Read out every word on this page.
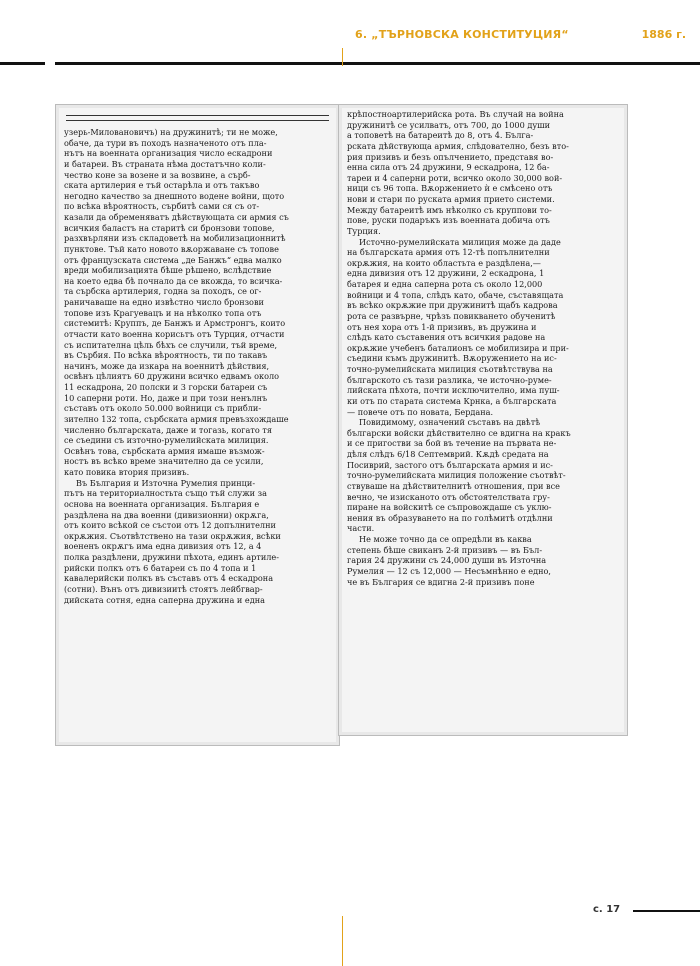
6. „ТЪРНОВСКА КОНСТИТУЦИЯ“	1886 г.

узерь-Миловановичъ) на дружинитѣ; ти не може,
обаче, да тури въ походъ назначеното отъ пла-
нътъ на военната организация число ескадрони
и батареи. Въ страната нѣма достатъчно коли-
чество коне за возене и за возвине, а сърб-
ската артилерия е тъй остарѣла и отъ такъво
негодно качество за днешното водене войни, щото
по всѣка вѣроятность, сърбитѣ сами ся съ от-
казали да обременяватъ дѣйствующата си армия съ
всичкия баластъ на старитѣ си бронзови топове,
разхвърляни изъ складоветѣ на мобилизационнитѣ
пунктове. Тъй като новото вѫоржаване съ топове
отъ французската система „де Банжъ“ едва малко
вреди мобилизацията бѣше рѣшено, вслѣдствие
на което едва бѣ почнало да се вкожда, то всичка-
та сърбска артилерия, годна за походъ, се ог-
раничаваше на едно извѣстно число бронзови
топове изъ Крагуевацъ и на нѣколко топа отъ
системитѣ: Круппъ, де Банжъ и Армстронгъ, които
отчасти като военна корисьтъ отъ Турция, отчасти
съ испитателна цѣль бѣхъ се случили, тъй време,
въ Сърбия. По всѣка вѣроятность, ти по такавъ
начинъ, може да изкара на военнитѣ дѣйствия,
освѣнъ цѣлиятъ 60 дружини всичко едвамъ около
11 ескадрона, 20 полски и 3 горски батареи съ
10 саперни роти. Но, даже и при този ненълнъ
съставъ отъ около 50.000 войници съ прибли-
зително 132 топа, сърбската армия превъзхождаше
численно българската, даже и тогазь, когато тя
се съедини съ източно-румелийската милиция.
Освѣнъ това, сърбската армия имаше възмож-
ностъ въ всѣко време значително да се усили,
като повика втория призивъ.

Въ България и Източна Румелия принци-
пътъ на териториалностьта също тъй служи за
основа на военната организация. България е
раздѣлена на два военни (дивизионни) окрѫга,
отъ които всѣкой се състои отъ 12 допълнителни
окрѫжия. Съотвѣтствено на тази окрѫжия, всѣки
воененъ окрѫгъ има една дивизия отъ 12, а 4
полка раздѣлени, дружини пѣхота, единъ артиле-
рийски полкъ отъ 6 батареи съ по 4 топа и 1
кавалерийски полкъ въ съставъ отъ 4 ескадрона
(сотни). Вънъ отъ дивизиитѣ стоятъ лейбгвар-
дийската сотня, една саперна дружина и една

крѣпостноартилерийска рота. Въ случай на война
дружинитѣ се усилватъ, отъ 700, до 1000 души
а топоветѣ на батареитѣ до 8, отъ 4. Бълга-
рската дѣйствующа армия, слѣдователно, безъ вто-
рия призивъ и безъ опълчението, представя во-
енна сила отъ 24 дружини, 9 ескадрона, 12 ба-
тареи и 4 саперни роти, всичко около 30,000 вой-
ници съ 96 топа. Вѫоржението ѝ е смѣсено отъ
нови и стари по руската армия прието системи.
Между батареитѣ имъ нѣколко съ круппови то-
пове, руски подаръкъ изъ военната добича отъ
Турция.

Источно-румелийската милиция може да даде
на българската армия отъ 12-тѣ попълнителни
окрѫжия, на които областьта е раздѣлена,—
една дивизия отъ 12 дружини, 2 ескадрона, 1
батарея и една саперна рота съ около 12,000
войници и 4 топа, слѣдъ като, обаче, съставящата
въ всѣко окрѫжие при дружинитѣ щабъ кадрова
рота се развърне, чрѣзъ повикването обученитѣ
отъ нея хора отъ 1-й призивъ, въ дружина и
слѣдъ като съставения отъ всичкия радове на
окрѫжие учебенъ баталионъ се мобилизира и при-
съедини къмъ дружинитѣ. Вѫоружението на ис-
точно-румелийската милиция съотвѣтствува на
българското съ тази разлика, че источно-руме-
лийската пѣхота, почти исключително, има пуш-
ки отъ по старата система Крнка, а българската
— повече отъ по новата, Бердана.

Повидимому, означений съставъ на двѣтѣ
български войски дѣйствително се вдигна на кракъ
и се пригостви за бой въ течение на първата не-
дѣля слѣдъ 6/18 Септемврий. Кѫдѣ средата на
Посиврий, застого отъ българската армия и ис-
точно-румелийската милиция положение съотвѣт-
ствуваше на дѣйствителнитѣ отношения, при все
вечно, че изисканото отъ обстоятелствата гру-
пиране на войскитѣ се съпровождаше съ уклю-
нения въ образуването на по голѣмитѣ отдѣлни
части.

Не може точно да се опредѣли въ каква
степень бѣше свиканъ 2-й призивъ — въ Бъл-
гария 24 дружини съ 24,000 души въ Източна
Румелия — 12 съ 12,000 — Несъмнѣнно е едно,
че въ България се вдигна 2-й призивъ поне

с. 17
